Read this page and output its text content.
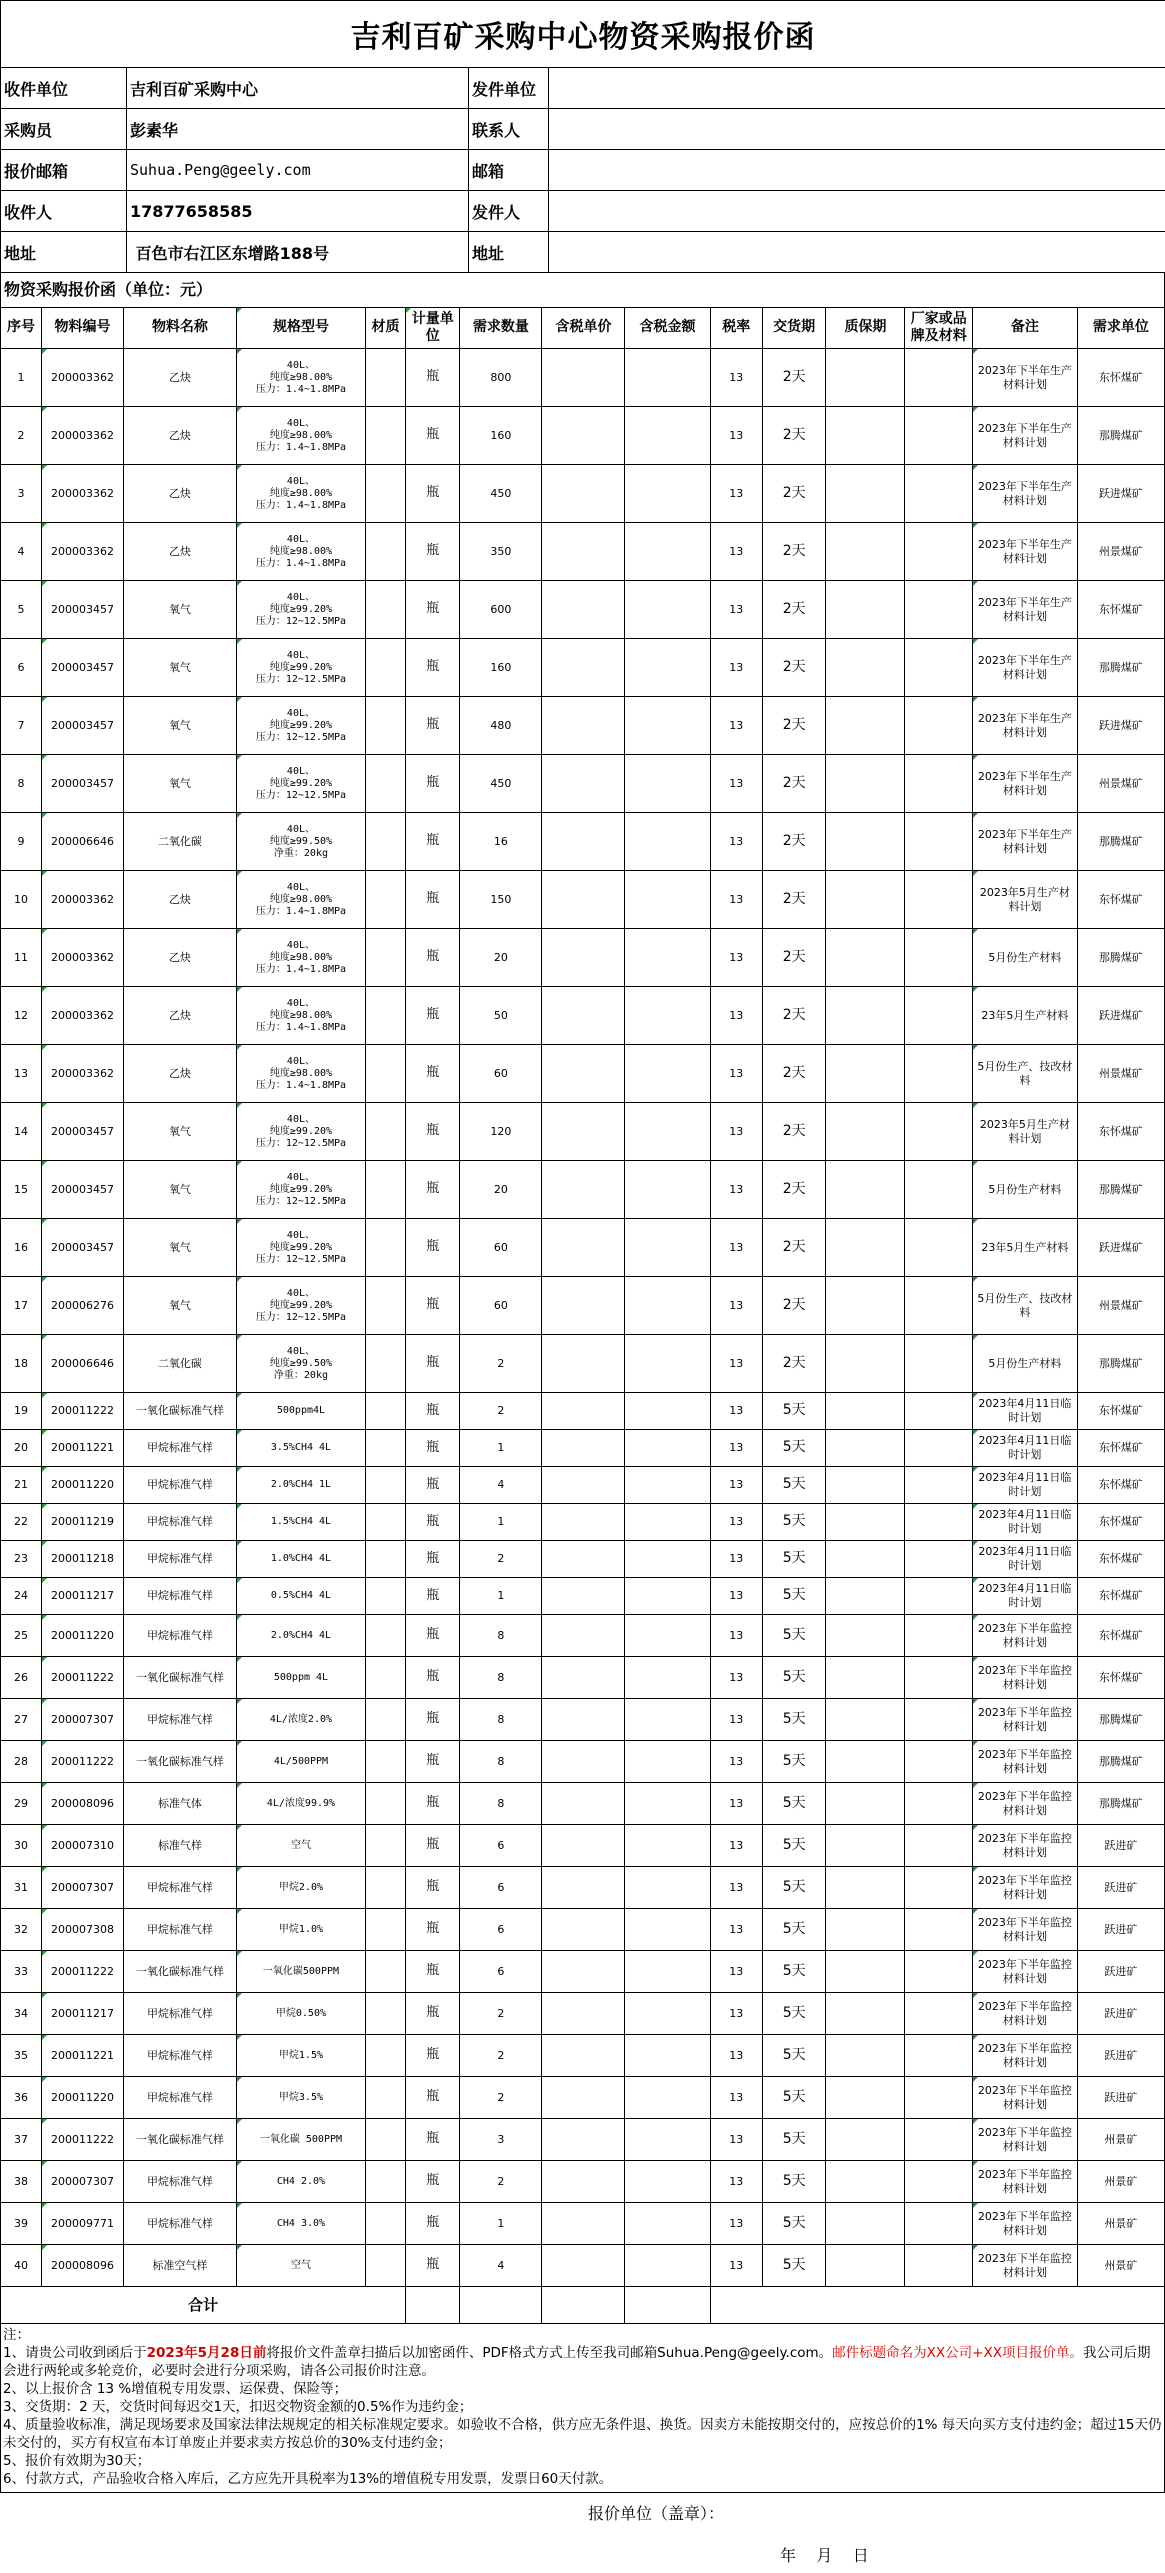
吉利百矿采购中心物资采购报价函
收件单位	吉利百矿采购中心	发件单位	
采购员	彭素华	联系人	
报价邮箱	Suhua.Peng@geely.com	邮箱	
收件人	17877658585	发件人	
地址	百色市右江区东增路188号	地址	
物资采购报价函（单位：元）
序号	物料编号	物料名称	规格型号	材质	计量单位	需求数量	含税单价	含税金额	税率	交货期	质保期	厂家或品牌及材料	备注	需求单位
1	200003362	乙炔	40L、
纯度≥98.00%
压力：1.4~1.8MPa		瓶	800			13	2天			2023年下半年生产材料计划	东怀煤矿
2	200003362	乙炔	40L、
纯度≥98.00%
压力：1.4~1.8MPa		瓶	160			13	2天			2023年下半年生产材料计划	那腾煤矿
3	200003362	乙炔	40L、
纯度≥98.00%
压力：1.4~1.8MPa		瓶	450			13	2天			2023年下半年生产材料计划	跃进煤矿
4	200003362	乙炔	40L、
纯度≥98.00%
压力：1.4~1.8MPa		瓶	350			13	2天			2023年下半年生产材料计划	州景煤矿
5	200003457	氧气	40L、
纯度≥99.20%
压力：12~12.5MPa		瓶	600			13	2天			2023年下半年生产材料计划	东怀煤矿
6	200003457	氧气	40L、
纯度≥99.20%
压力：12~12.5MPa		瓶	160			13	2天			2023年下半年生产材料计划	那腾煤矿
7	200003457	氧气	40L、
纯度≥99.20%
压力：12~12.5MPa		瓶	480			13	2天			2023年下半年生产材料计划	跃进煤矿
8	200003457	氧气	40L、
纯度≥99.20%
压力：12~12.5MPa		瓶	450			13	2天			2023年下半年生产材料计划	州景煤矿
9	200006646	二氧化碳	40L、
纯度≥99.50%
净重：20kg		瓶	16			13	2天			2023年下半年生产材料计划	那腾煤矿
10	200003362	乙炔	40L、
纯度≥98.00%
压力：1.4~1.8MPa		瓶	150			13	2天			2023年5月生产材料计划	东怀煤矿
11	200003362	乙炔	40L、
纯度≥98.00%
压力：1.4~1.8MPa		瓶	20			13	2天			5月份生产材料	那腾煤矿
12	200003362	乙炔	40L、
纯度≥98.00%
压力：1.4~1.8MPa		瓶	50			13	2天			23年5月生产材料	跃进煤矿
13	200003362	乙炔	40L、
纯度≥98.00%
压力：1.4~1.8MPa		瓶	60			13	2天			5月份生产、技改材料	州景煤矿
14	200003457	氧气	40L、
纯度≥99.20%
压力：12~12.5MPa		瓶	120			13	2天			2023年5月生产材料计划	东怀煤矿
15	200003457	氧气	40L、
纯度≥99.20%
压力：12~12.5MPa		瓶	20			13	2天			5月份生产材料	那腾煤矿
16	200003457	氧气	40L、
纯度≥99.20%
压力：12~12.5MPa		瓶	60			13	2天			23年5月生产材料	跃进煤矿
17	200006276	氧气	40L、
纯度≥99.20%
压力：12~12.5MPa		瓶	60			13	2天			5月份生产、技改材料	州景煤矿
18	200006646	二氧化碳	40L、
纯度≥99.50%
净重：20kg		瓶	2			13	2天			5月份生产材料	那腾煤矿
19	200011222	一氧化碳标准气样	500ppm4L		瓶	2			13	5天			2023年4月11日临时计划	东怀煤矿
20	200011221	甲烷标准气样	3.5%CH4 4L		瓶	1			13	5天			2023年4月11日临时计划	东怀煤矿
21	200011220	甲烷标准气样	2.0%CH4 1L		瓶	4			13	5天			2023年4月11日临时计划	东怀煤矿
22	200011219	甲烷标准气样	1.5%CH4 4L		瓶	1			13	5天			2023年4月11日临时计划	东怀煤矿
23	200011218	甲烷标准气样	1.0%CH4 4L		瓶	2			13	5天			2023年4月11日临时计划	东怀煤矿
24	200011217	甲烷标准气样	0.5%CH4 4L		瓶	1			13	5天			2023年4月11日临时计划	东怀煤矿
25	200011220	甲烷标准气样	2.0%CH4 4L		瓶	8			13	5天			2023年下半年监控材料计划	东怀煤矿
26	200011222	一氧化碳标准气样	500ppm 4L		瓶	8			13	5天			2023年下半年监控材料计划	东怀煤矿
27	200007307	甲烷标准气样	4L/浓度2.0%		瓶	8			13	5天			2023年下半年监控材料计划	那腾煤矿
28	200011222	一氧化碳标准气样	4L/500PPM		瓶	8			13	5天			2023年下半年监控材料计划	那腾煤矿
29	200008096	标准气体	4L/浓度99.9%		瓶	8			13	5天			2023年下半年监控材料计划	那腾煤矿
30	200007310	标准气样	空气		瓶	6			13	5天			2023年下半年监控材料计划	跃进矿
31	200007307	甲烷标准气样	甲烷2.0%		瓶	6			13	5天			2023年下半年监控材料计划	跃进矿
32	200007308	甲烷标准气样	甲烷1.0%		瓶	6			13	5天			2023年下半年监控材料计划	跃进矿
33	200011222	一氧化碳标准气样	一氧化碳500PPM		瓶	6			13	5天			2023年下半年监控材料计划	跃进矿
34	200011217	甲烷标准气样	甲烷0.50%		瓶	2			13	5天			2023年下半年监控材料计划	跃进矿
35	200011221	甲烷标准气样	甲烷1.5%		瓶	2			13	5天			2023年下半年监控材料计划	跃进矿
36	200011220	甲烷标准气样	甲烷3.5%		瓶	2			13	5天			2023年下半年监控材料计划	跃进矿
37	200011222	一氧化碳标准气样	一氧化碳 500PPM		瓶	3			13	5天			2023年下半年监控材料计划	州景矿
38	200007307	甲烷标准气样	CH4 2.0%		瓶	2			13	5天			2023年下半年监控材料计划	州景矿
39	200009771	甲烷标准气样	CH4 3.0%		瓶	1			13	5天			2023年下半年监控材料计划	州景矿
40	200008096	标准空气样	空气		瓶	4			13	5天			2023年下半年监控材料计划	州景矿
合计														

注：

1、请贵公司收到函后于2023年5月28日前将报价文件盖章扫描后以加密函件、PDF格式方式上传至我司邮箱Suhua.Peng@geely.com。邮件标题命名为XX公司+XX项目报价单。我公司后期会进行两轮或多轮竞价，必要时会进行分项采购，请各公司报价时注意。

2、以上报价含 13 %增值税专用发票、运保费、保险等；

3、交货期：2 天，交货时间每迟交1天，扣迟交物资金额的0.5%作为违约金；

4、质量验收标准，满足现场要求及国家法律法规规定的相关标准规定要求。如验收不合格，供方应无条件退、换货。因卖方未能按期交付的，应按总价的1% 每天向买方支付违约金；超过15天仍未交付的，买方有权宣布本订单废止并要求卖方按总价的30%支付违约金；

5、报价有效期为30天；

6、付款方式，产品验收合格入库后，乙方应先开具税率为13%的增值税专用发票，发票日60天付款。

报价单位（盖章）：
年    月    日
